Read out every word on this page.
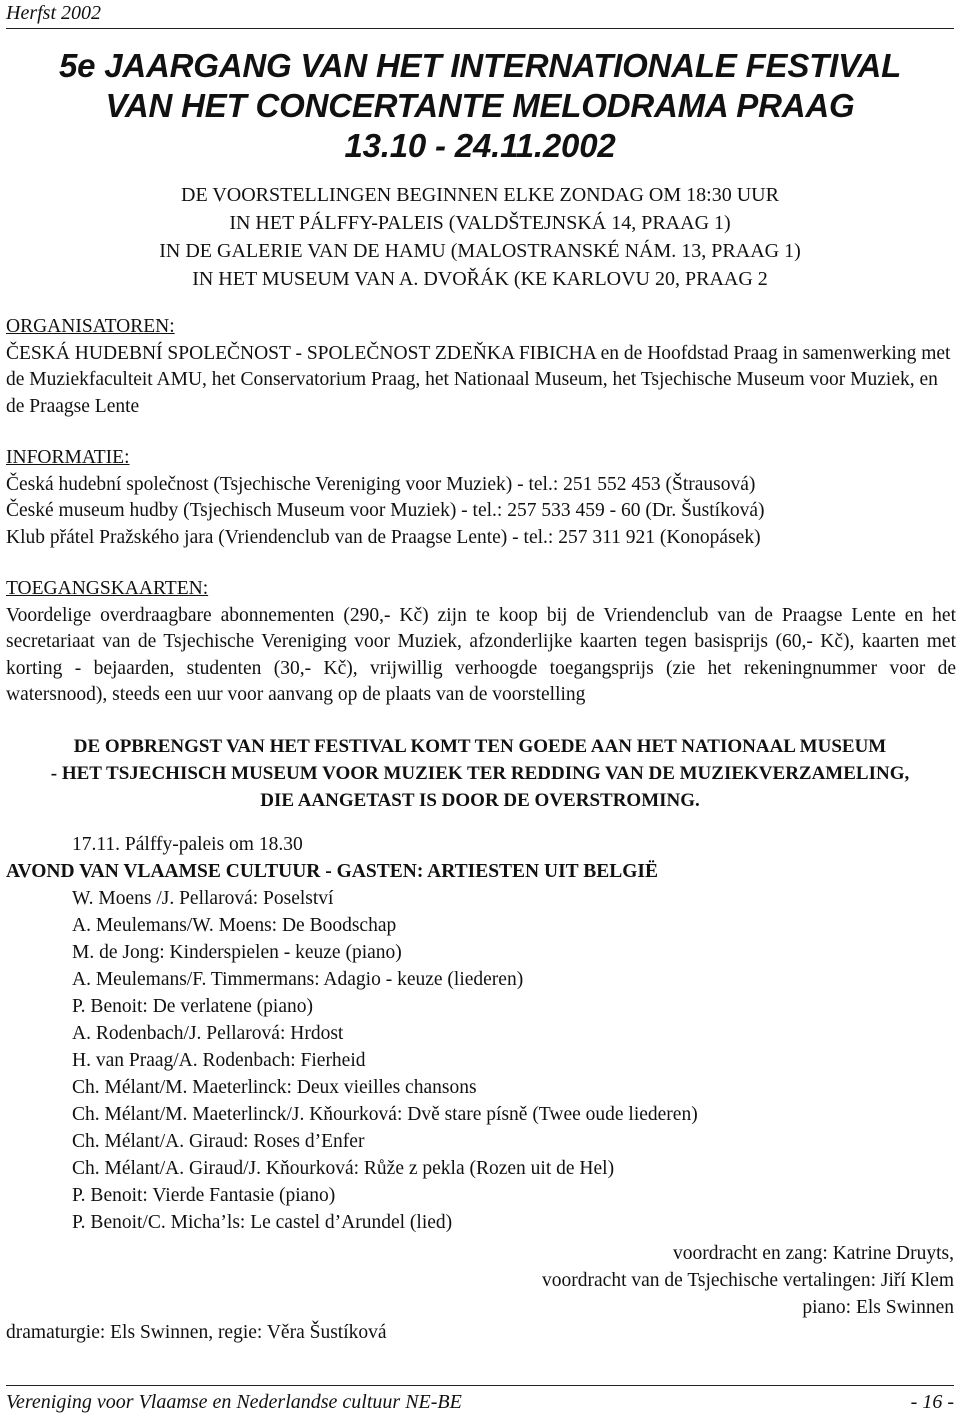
Herfst 2002
5e JAARGANG VAN HET INTERNATIONALE FESTIVAL
VAN HET CONCERTANTE MELODRAMA PRAAG
13.10 - 24.11.2002
DE VOORSTELLINGEN BEGINNEN ELKE ZONDAG OM 18:30 UUR
IN HET PÁLFFY-PALEIS (VALDŠTEJNSKÁ 14, PRAAG 1)
IN DE GALERIE VAN DE HAMU (MALOSTRANSKÉ NÁM. 13, PRAAG 1)
IN HET MUSEUM VAN A. DVOŘÁK (KE KARLOVU 20, PRAAG 2
ORGANISATOREN:
ČESKÁ HUDEBNÍ SPOLEČNOST - SPOLEČNOST ZDEŇKA FIBICHA en de Hoofdstad Praag in samenwerking met de Muziekfaculteit AMU, het Conservatorium Praag, het Nationaal Museum, het Tsjechische Museum voor Muziek, en de Praagse Lente
INFORMATIE:
Česká hudební společnost (Tsjechische Vereniging voor Muziek) - tel.: 251 552 453 (Štrausová)
České museum hudby (Tsjechisch Museum voor Muziek) - tel.: 257 533 459 - 60 (Dr. Šustíková)
Klub přátel Pražského jara (Vriendenclub van de Praagse Lente) - tel.: 257 311 921 (Konopásek)
TOEGANGSKAARTEN:
Voordelige overdraagbare abonnementen (290,- Kč) zijn te koop bij de Vriendenclub van de Praagse Lente en het secretariaat van de Tsjechische Vereniging voor Muziek, afzonderlijke kaarten tegen basisprijs (60,- Kč), kaarten met korting - bejaarden, studenten (30,- Kč), vrijwillig verhoogde toegangsprijs (zie het rekeningnummer voor de watersnood), steeds een uur voor aanvang op de plaats van de voorstelling
DE OPBRENGST VAN HET FESTIVAL KOMT TEN GOEDE AAN HET NATIONAAL MUSEUM
- HET TSJECHISCH MUSEUM VOOR MUZIEK TER REDDING VAN DE MUZIEKVERZAMELING,
DIE AANGETAST IS DOOR DE OVERSTROMING.
17.11. Pálffy-paleis om 18.30
AVOND VAN VLAAMSE CULTUUR - GASTEN: ARTIESTEN UIT BELGIË
W. Moens /J. Pellarová: Poselství
A. Meulemans/W. Moens: De Boodschap
M. de Jong: Kinderspielen - keuze (piano)
A. Meulemans/F. Timmermans: Adagio - keuze (liederen)
P. Benoit: De verlatene (piano)
A. Rodenbach/J. Pellarová: Hrdost
H. van Praag/A. Rodenbach: Fierheid
Ch. Mélant/M. Maeterlinck: Deux vieilles chansons
Ch. Mélant/M. Maeterlinck/J. Kňourková: Dvě stare písně (Twee oude liederen)
Ch. Mélant/A. Giraud: Roses d’Enfer
Ch. Mélant/A. Giraud/J. Kňourková: Růže z pekla (Rozen uit de Hel)
P. Benoit: Vierde Fantasie (piano)
P. Benoit/C. Micha’ls: Le castel d’Arundel (lied)
voordracht en zang: Katrine Druyts,
voordracht van de Tsjechische vertalingen: Jiří Klem
piano: Els Swinnen
dramaturgie: Els Swinnen, regie: Věra Šustíková
Vereniging voor Vlaamse en Nederlandse cultuur NE-BE	- 16 -
